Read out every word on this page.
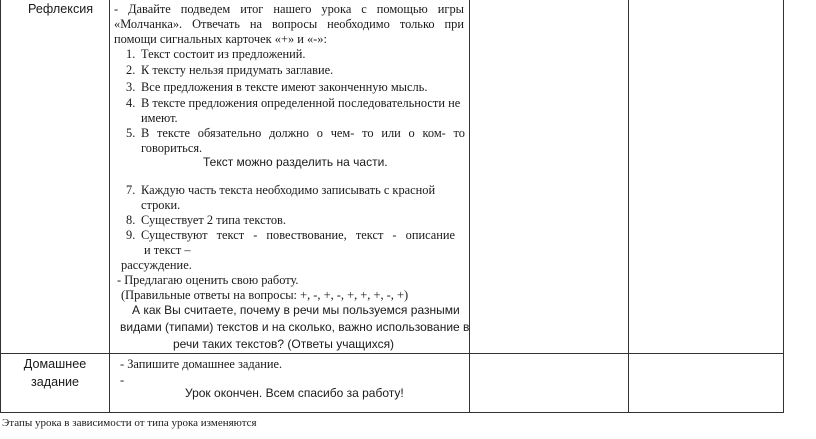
Рефлексия - Давайте подведем итог нашего урока с помощью игры
«Молчанка». Отвечать на вопросы необходимо только при
помощи сигнальных карточек «+» и «-»:
1. Текст состоит из предложений.
2. К тексту нельзя придумать заглавие.
3. Все предложения в тексте имеют законченную мысль.
4. В тексте предложения определенной последовательности не
имеют.
5. В тексте обязательно должно о чем- то или о ком- то
говориться.
Текст можно разделить на части.
7. Каждую часть текста необходимо записывать с красной
строки.
8. Существует 2 типа текстов.
9. Существуют текст - повествование, текст - описание
и текст –
рассуждение.
- Предлагаю оценить свою работу.
(Правильные ответы на вопросы: +, -, +, -, +, +, +, -, +)
А как Вы считаете, почему в речи мы пользуемся разными
видами (типами) текстов и на сколько, важно использование в
речи таких текстов? (Ответы учащихся)
Домашнее
задание
- Запишите домашнее задание.
-
Урок окончен. Всем спасибо за работу!
Этапы урока в зависимости от типа урока изменяются
